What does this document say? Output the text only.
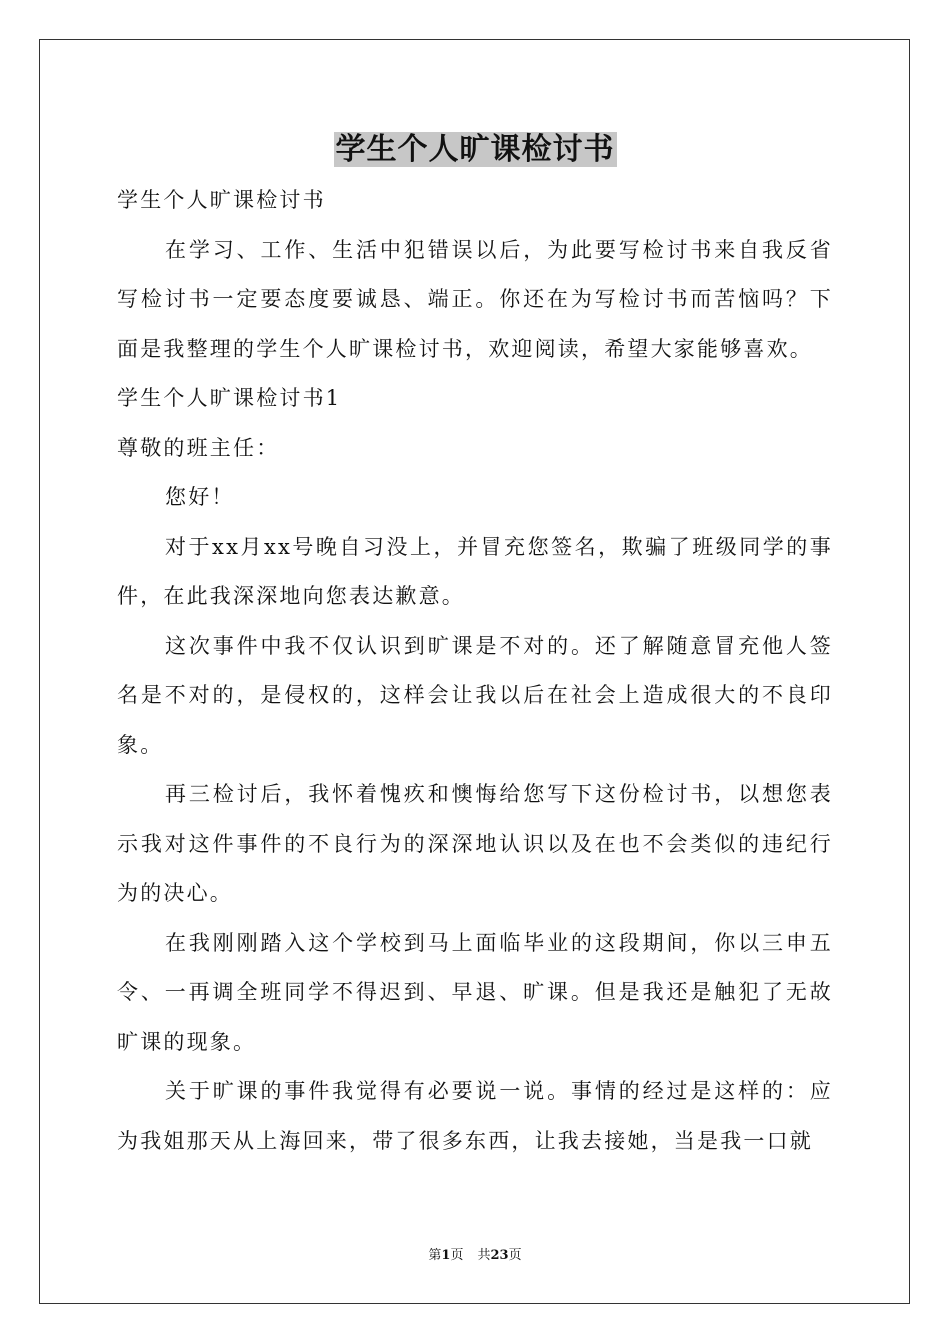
学生个人旷课检讨书

学生个人旷课检讨书

在学习、工作、生活中犯错误以后，为此要写检讨书来自我反省写检讨书一定要态度要诚恳、端正。你还在为写检讨书而苦恼吗？下面是我整理的学生个人旷课检讨书，欢迎阅读，希望大家能够喜欢。

学生个人旷课检讨书1

尊敬的班主任：

您好！

对于xx月xx号晚自习没上，并冒充您签名，欺骗了班级同学的事件，在此我深深地向您表达歉意。

这次事件中我不仅认识到旷课是不对的。还了解随意冒充他人签名是不对的，是侵权的，这样会让我以后在社会上造成很大的不良印象。

再三检讨后，我怀着愧疚和懊悔给您写下这份检讨书，以想您表示我对这件事件的不良行为的深深地认识以及在也不会类似的违纪行为的决心。

在我刚刚踏入这个学校到马上面临毕业的这段期间，你以三申五令、一再调全班同学不得迟到、早退、旷课。但是我还是触犯了无故旷课的现象。

关于旷课的事件我觉得有必要说一说。事情的经过是这样的：应为我姐那天从上海回来，带了很多东西，让我去接她，当是我一口就

第1页 共23页
